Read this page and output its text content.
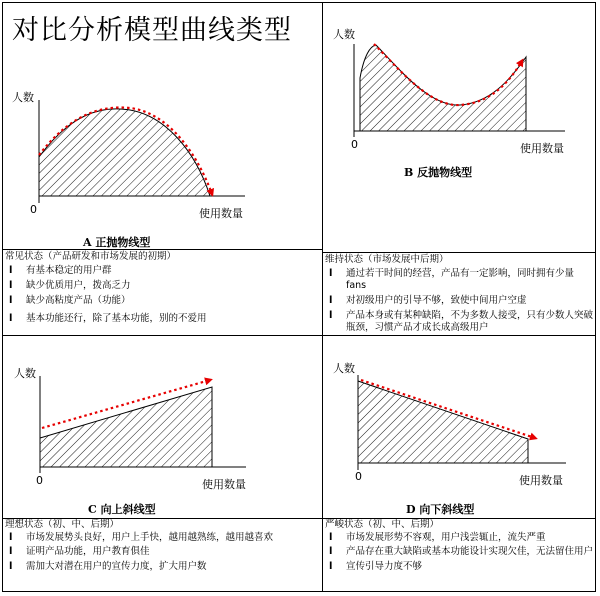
对比分析模型曲线类型
人数
0	使用数量
人数
0	使用数量
人数
0	使用数量
人数
0	使用数量
A 正抛物线型
B 反抛物线型
C 向上斜线型	D 向下斜线型
常见状态（产品研发和市场发展的初期）
l 有基本稳定的用户群
l 缺少优质用户，拨高乏力
l 缺少高粘度产品（功能）
l 基本功能还行，除了基本功能，别的不爱用
维持状态（市场发展中后期）
l 通过若干时间的经营，产品有一定影响，同时拥有少量fans
l 对初级用户的引导不够，致使中间用户空虚
l 产品本身或有某种缺陷，不为多数人接受，只有少数人突破瓶颈，习惯产品才成长成高级用户
理想状态（初、中、后期）
l 市场发展势头良好，用户上手快，越用越熟练，越用越喜欢
l 证明产品功能，用户教育俱佳
l 需加大对潜在用户的宣传力度，扩大用户数
严峻状态（初、中、后期）
l 市场发展形势不容观，用户浅尝辄止，流失严重
l 产品存在重大缺陷或基本功能设计实现欠佳，无法留住用户
l 宣传引导力度不够
